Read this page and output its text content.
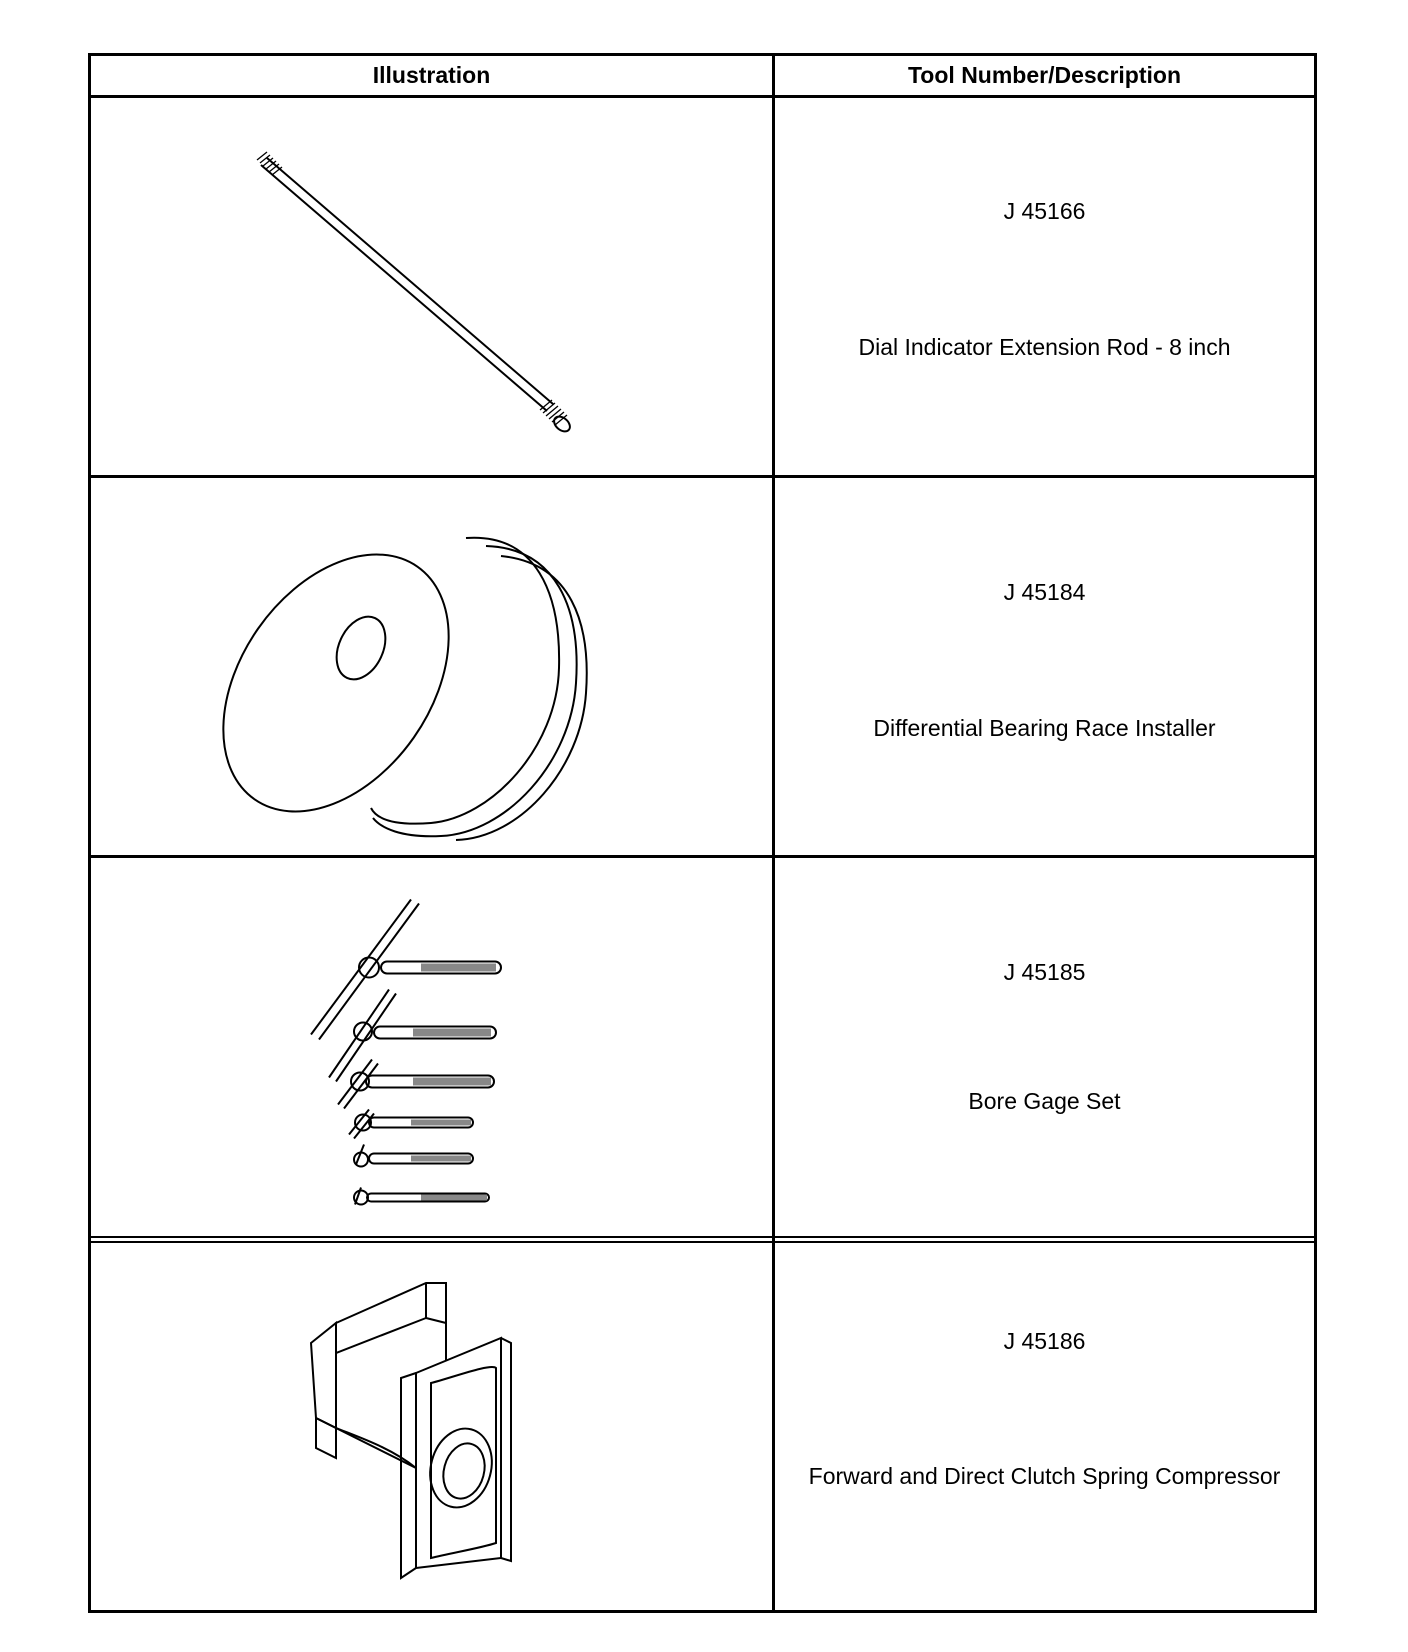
Illustration	Tool Number/Description
J 45166
Dial Indicator Extension Rod - 8 inch
J 45184
Differential Bearing Race Installer
J 45185
Bore Gage Set
J 45186
Forward and Direct Clutch Spring Compressor
